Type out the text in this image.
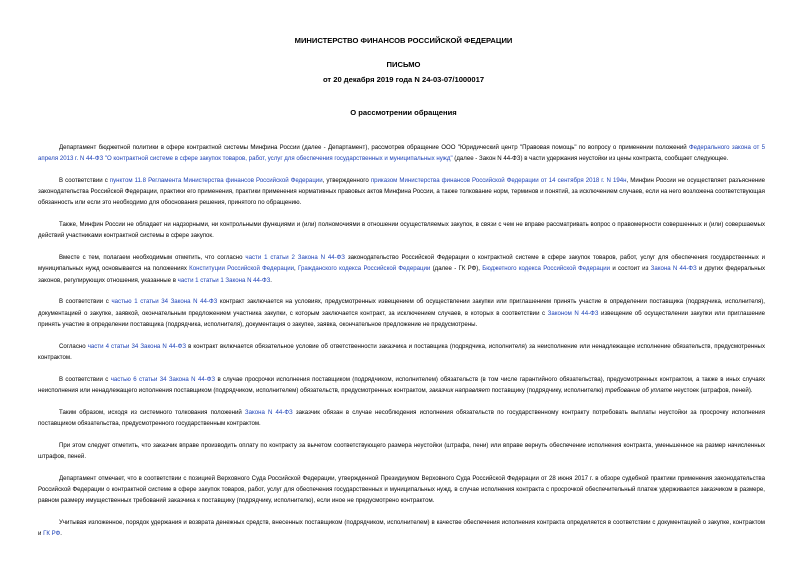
МИНИСТЕРСТВО ФИНАНСОВ РОССИЙСКОЙ ФЕДЕРАЦИИ
ПИСЬМО
от 20 декабря 2019 года N 24-03-07/1000017
О рассмотрении обращения

Департамент бюджетной политики в сфере контрактной системы Минфина России (далее - Департамент), рассмотрев обращение ООО "Юридический центр "Правовая помощь" по вопросу о применении положений Федерального закона от 5 апреля 2013 г. N 44-ФЗ "О контрактной системе в сфере закупок товаров, работ, услуг для обеспечения государственных и муниципальных нужд" (далее - Закон N 44-ФЗ) в части удержания неустойки из цены контракта, сообщает следующее.

В соответствии с пунктом 11.8 Регламента Министерства финансов Российской Федерации, утвержденного приказом Министерства финансов Российской Федерации от 14 сентября 2018 г. N 194н, Минфин России не осуществляет разъяснение законодательства Российской Федерации, практики его применения, практики применения нормативных правовых актов Минфина России, а также толкование норм, терминов и понятий, за исключением случаев, если на него возложена соответствующая обязанность или если это необходимо для обоснования решения, принятого по обращению.

Также, Минфин России не обладает ни надзорными, ни контрольными функциями и (или) полномочиями в отношении осуществляемых закупок, в связи с чем не вправе рассматривать вопрос о правомерности совершенных и (или) совершаемых действий участниками контрактной системы в сфере закупок.

Вместе с тем, полагаем необходимым отметить, что согласно части 1 статьи 2 Закона N 44-ФЗ законодательство Российской Федерации о контрактной системе в сфере закупок товаров, работ, услуг для обеспечения государственных и муниципальных нужд основывается на положениях Конституции Российской Федерации, Гражданского кодекса Российской Федерации (далее - ГК РФ), Бюджетного кодекса Российской Федерации и состоит из Закона N 44-ФЗ и других федеральных законов, регулирующих отношения, указанные в части 1 статьи 1 Закона N 44-ФЗ.

В соответствии с частью 1 статьи 34 Закона N 44-ФЗ контракт заключается на условиях, предусмотренных извещением об осуществлении закупки или приглашением принять участие в определении поставщика (подрядчика, исполнителя), документацией о закупке, заявкой, окончательным предложением участника закупки, с которым заключается контракт, за исключением случаев, в которых в соответствии с Законом N 44-ФЗ извещение об осуществлении закупки или приглашение принять участие в определении поставщика (подрядчика, исполнителя), документация о закупке, заявка, окончательное предложение не предусмотрены.

Согласно части 4 статьи 34 Закона N 44-ФЗ в контракт включается обязательное условие об ответственности заказчика и поставщика (подрядчика, исполнителя) за неисполнение или ненадлежащее исполнение обязательств, предусмотренных контрактом.

В соответствии с частью 6 статьи 34 Закона N 44-ФЗ в случае просрочки исполнения поставщиком (подрядчиком, исполнителем) обязательств (в том числе гарантийного обязательства), предусмотренных контрактом, а также в иных случаях неисполнения или ненадлежащего исполнения поставщиком (подрядчиком, исполнителем) обязательств, предусмотренных контрактом, заказчик направляет поставщику (подрядчику, исполнителю) требование об уплате неустоек (штрафов, пеней).

Таким образом, исходя из системного толкования положений Закона N 44-ФЗ заказчик обязан в случае несоблюдения исполнения обязательств по государственному контракту потребовать выплаты неустойки за просрочку исполнения поставщиком обязательства, предусмотренного государственным контрактом.

При этом следует отметить, что заказчик вправе производить оплату по контракту за вычетом соответствующего размера неустойки (штрафа, пени) или вправе вернуть обеспечение исполнения контракта, уменьшенное на размер начисленных штрафов, пеней.

Департамент отмечает, что в соответствии с позицией Верховного Суда Российской Федерации, утвержденной Президиумом Верховного Суда Российской Федерации от 28 июня 2017 г. в обзоре судебной практики применения законодательства Российской Федерации о контрактной системе в сфере закупок товаров, работ, услуг для обеспечения государственных и муниципальных нужд, в случае исполнения контракта с просрочкой обеспечительный платеж удерживается заказчиком в размере, равном размеру имущественных требований заказчика к поставщику (подрядчику, исполнителю), если иное не предусмотрено контрактом.

Учитывая изложенное, порядок удержания и возврата денежных средств, внесенных поставщиком (подрядчиком, исполнителем) в качестве обеспечения исполнения контракта определяется в соответствии с документацией о закупке, контрактом и ГК РФ.
